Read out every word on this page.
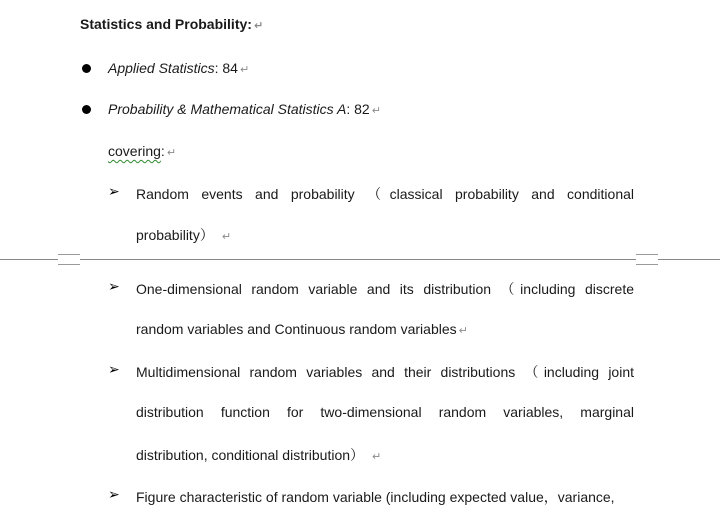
Statistics and Probability: ↵
Applied Statistics: 84 ↵
Probability & Mathematical Statistics A: 82 ↵
covering: ↵
➢ Random events and probability （classical probability and conditional
probability） ↵
➢ One-dimensional random variable and its distribution （including discrete
random variables and Continuous random variables ↵
➢ Multidimensional random variables and their distributions （including joint
distribution function for two-dimensional random variables, marginal
distribution, conditional distribution） ↵
➢ Figure characteristic of random variable (including expected value，variance,
